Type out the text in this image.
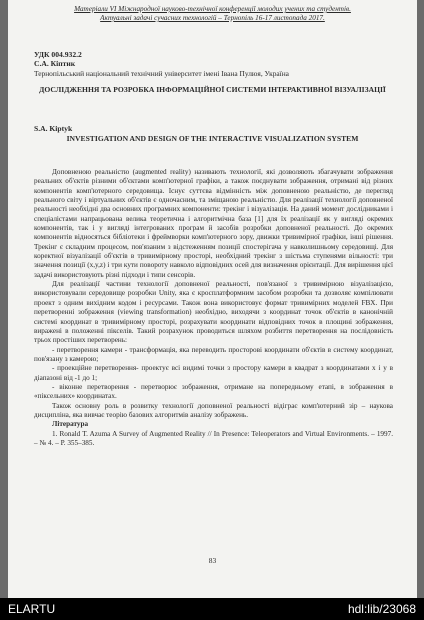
Матеріали VI Міжнародної науково-технічної конференції молодих учених та студентів.
Актуальні задачі сучасних технологій – Тернопіль 16-17 листопада 2017.
УДК 004.932.2
С.А. Кіптик
Тернопільський національний технічний університет імені Івана Пулюя, Україна
ДОСЛІДЖЕННЯ ТА РОЗРОБКА ІНФОРМАЦІЙНОЇ СИСТЕМИ ІНТЕРАКТИВНОЇ ВІЗУАЛІЗАЦІЇ
S.A. Kiptyk
INVESTIGATION AND DESIGN OF THE INTERACTIVE VISUALIZATION SYSTEM

Доповненою реальністю (augmented reality) називають технології, які дозволяють збагачувати зображення реальних об'єктів різними об'єктами комп'ютерної графіки, а також поєднувати зображення, отримані від різних компонентів комп'ютерного середовища. Існує суттєва відмінність між доповненою реальністю, де перегляд реального світу і віртуальних об'єктів є одночасним, та зміщаною реальністю. Для реалізації технології доповненої реальності необхідні два основних програмних компоненти: трекінг і візуалізація. На даний момент дослідниками і спеціалістами напрацьована велика теоретична і алгоритмічна база [1] для їх реалізації як у вигляді окремих компонентів, так і у вигляді інтегрованих програм й засобів розробки доповненої реальності. До окремих компонентів відносяться бібліотеки і фреймворки комп'ютерного зору, движки тривимірної графіки, інші рішення. Трекінг є складним процесом, пов'язаним з відстеженням позиції спостерігача у навколишньому середовищі. Для коректної візуалізації об'єктів в тривимірному просторі, необхідний трекінг з шістьма ступенями вільності: три значення позиції (x,y,z) і три кути повороту навколо відповідних осей для визначення орієнтації. Для вирішення цієї задачі використовують різні підходи і типи сенсорів.

Для реалізації частини технології доповненої реальності, пов'язаної з тривимірною візуалізацією, використовували середовище розробки Unity, яка є кросплатформним засобом розробки та дозволяє компілювати проект з одним вихідним кодом і ресурсами. Також вона використовує формат тривимірних моделей FBX. При перетворенні зображення (viewing transformation) необхідно, виходячи з координат точок об'єктів в канонічній системі координат в тривимірному просторі, розрахувати координати відповідних точок в площині зображення, виражені в положенні пікселів. Такий розрахунок проводиться шляхом розбиття перетворення на послідовність трьох простіших перетворень:

- перетворення камери - трансформація, яка переводить просторові координати об'єктів в систему координат, пов'язану з камерою;

- проекційне перетворення- проектує всі видимі точки з простору камери в квадрат з координатами x і y в діапазоні від -1 до 1;

- віконне перетворення - перетворює зображення, отримане на попередньому етапі, в зображення в «піксельних» координатах.

Також основну роль в розвитку технології доповненої реальності відіграє комп'ютерний зір – наукова дисципліна, яка вивчає теорію базових алгоритмів аналізу зображень.

Література

1. Ronald T. Azuma A Survey of Augmented Reality // In Presence: Teleoperators and Virtual Environments. – 1997. – № 4. – Р. 355–385.

83
ELARTU	hdl:lib/23068
